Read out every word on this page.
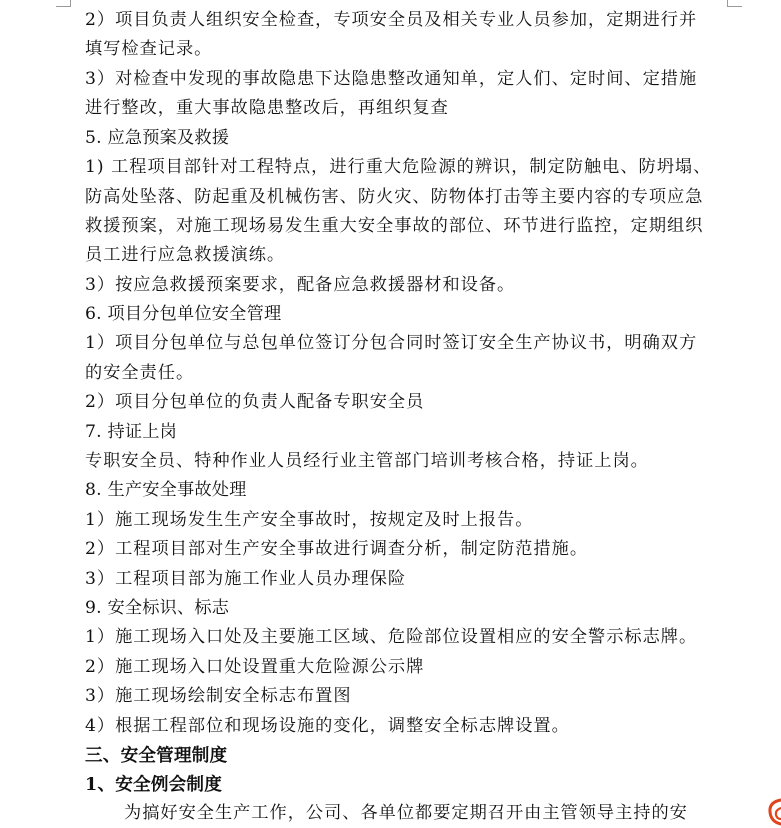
2）项目负责人组织安全检查，专项安全员及相关专业人员参加，定期进行并
填写检查记录。
3）对检查中发现的事故隐患下达隐患整改通知单，定人们、定时间、定措施
进行整改，重大事故隐患整改后，再组织复查
5. 应急预案及救援
1) 工程项目部针对工程特点，进行重大危险源的辨识，制定防触电、防坍塌、
防高处坠落、防起重及机械伤害、防火灾、防物体打击等主要内容的专项应急
救援预案，对施工现场易发生重大安全事故的部位、环节进行监控，定期组织
员工进行应急救援演练。
3）按应急救援预案要求，配备应急救援器材和设备。
6. 项目分包单位安全管理
1）项目分包单位与总包单位签订分包合同时签订安全生产协议书，明确双方
的安全责任。
2）项目分包单位的负责人配备专职安全员
7. 持证上岗
专职安全员、特种作业人员经行业主管部门培训考核合格，持证上岗。
8. 生产安全事故处理
1）施工现场发生生产安全事故时，按规定及时上报告。
2）工程项目部对生产安全事故进行调查分析，制定防范措施。
3）工程项目部为施工作业人员办理保险
9. 安全标识、标志
1）施工现场入口处及主要施工区域、危险部位设置相应的安全警示标志牌。
2）施工现场入口处设置重大危险源公示牌
3）施工现场绘制安全标志布置图
4）根据工程部位和现场设施的变化，调整安全标志牌设置。
三、安全管理制度
1、安全例会制度
为搞好安全生产工作，公司、各单位都要定期召开由主管领导主持的安
